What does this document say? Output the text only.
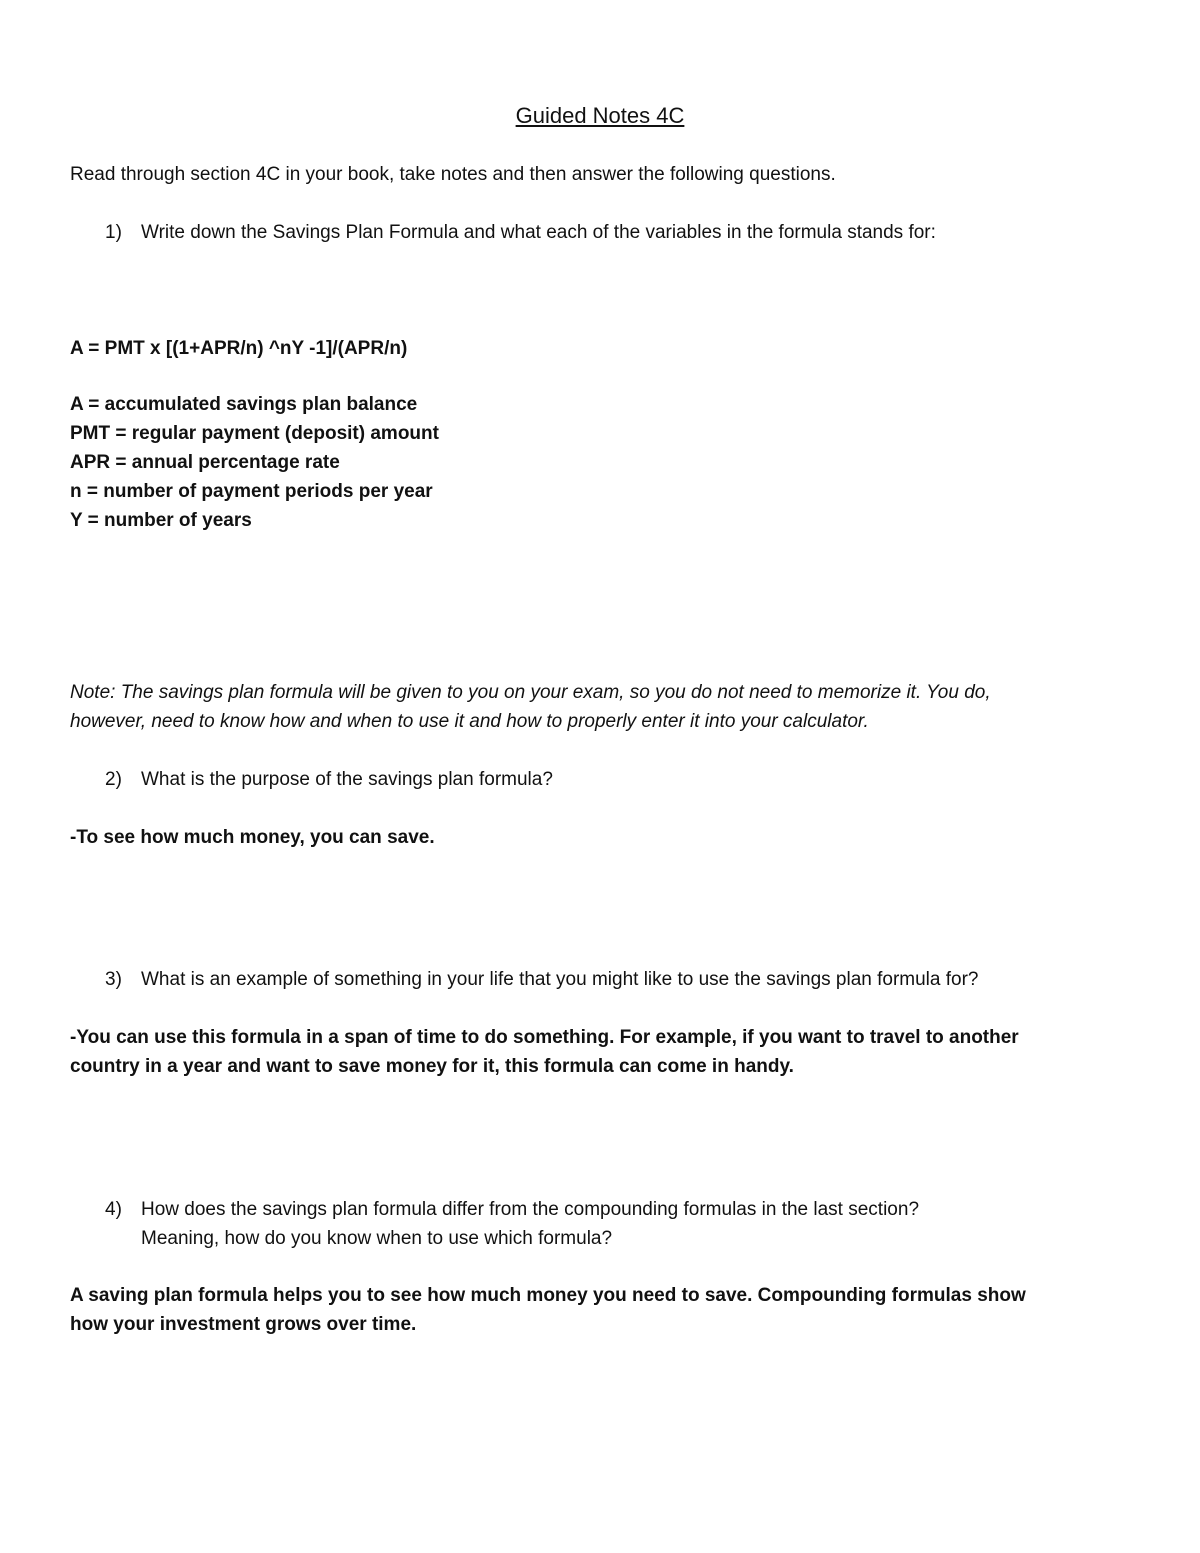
Guided Notes 4C

Read through section 4C in your book, take notes and then answer the following questions.

1) Write down the Savings Plan Formula and what each of the variables in the formula stands for:

A = PMT x [(1+APR/n) ^nY -1]/(APR/n)

A = accumulated savings plan balance
PMT = regular payment (deposit) amount
APR = annual percentage rate
n = number of payment periods per year
Y = number of years
Note: The savings plan formula will be given to you on your exam, so you do not need to memorize it. You do,
however, need to know how and when to use it and how to properly enter it into your calculator.
2) What is the purpose of the savings plan formula?

-To see how much money, you can save.

3) What is an example of something in your life that you might like to use the savings plan formula for?
-You can use this formula in a span of time to do something. For example, if you want to travel to another
country in a year and want to save money for it, this formula can come in handy.
4) How does the savings plan formula differ from the compounding formulas in the last section?
Meaning, how do you know when to use which formula?
A saving plan formula helps you to see how much money you need to save. Compounding formulas show
how your investment grows over time.
